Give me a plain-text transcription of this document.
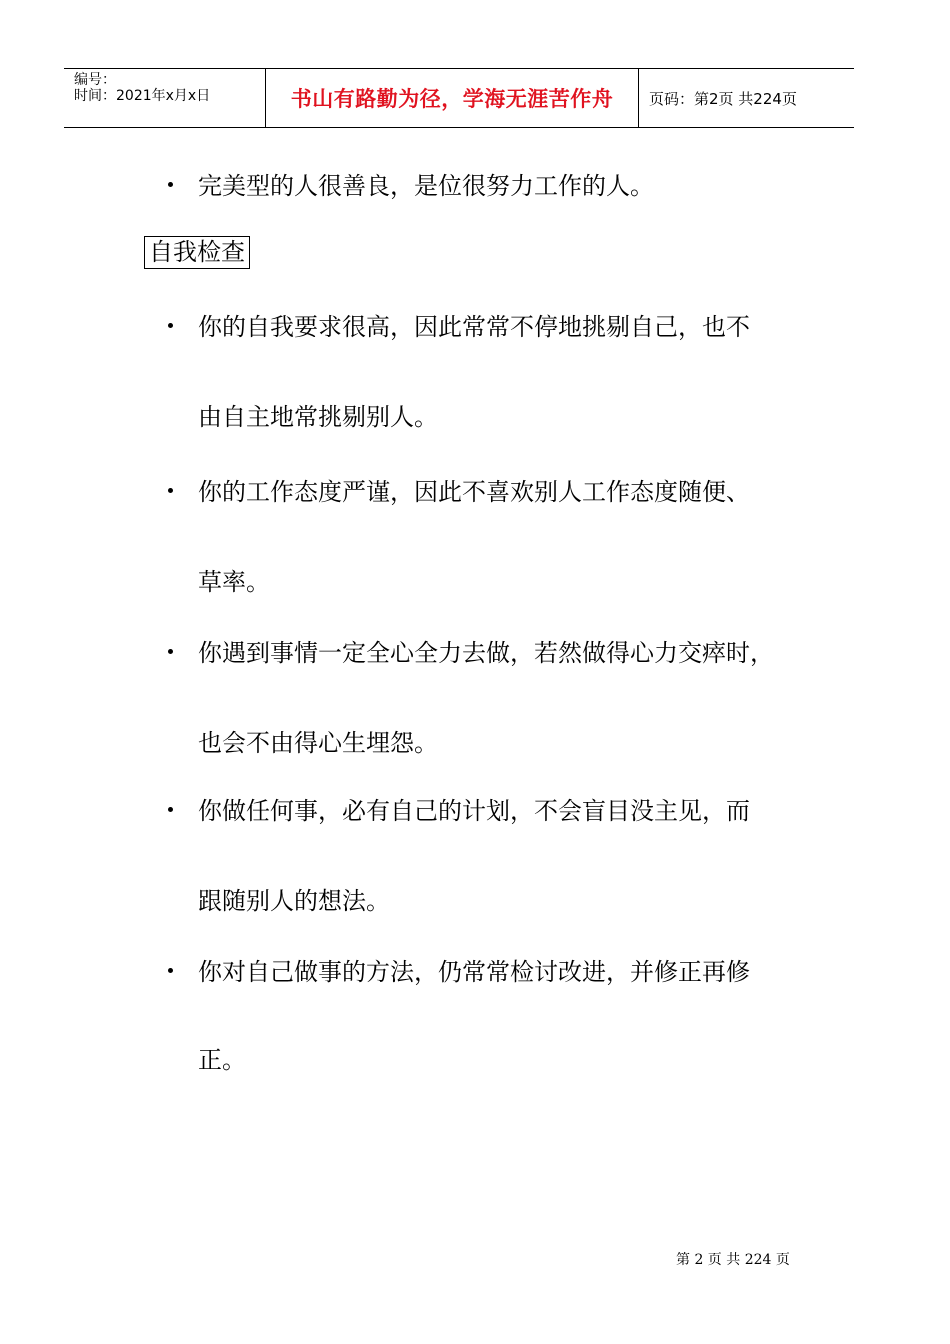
编号：
时间：2021年x月x日	书山有路勤为径，学海无涯苦作舟	页码：第2页 共224页
完美型的人很善良，是位很努力工作的人。
自我检查
你的自我要求很高，因此常常不停地挑剔自己，也不
由自主地常挑剔别人。
你的工作态度严谨，因此不喜欢别人工作态度随便、
草率。
你遇到事情一定全心全力去做，若然做得心力交瘁时，
也会不由得心生埋怨。
你做任何事，必有自己的计划，不会盲目没主见，而
跟随别人的想法。
你对自己做事的方法，仍常常检讨改进，并修正再修
正。
第 2 页 共 224 页
